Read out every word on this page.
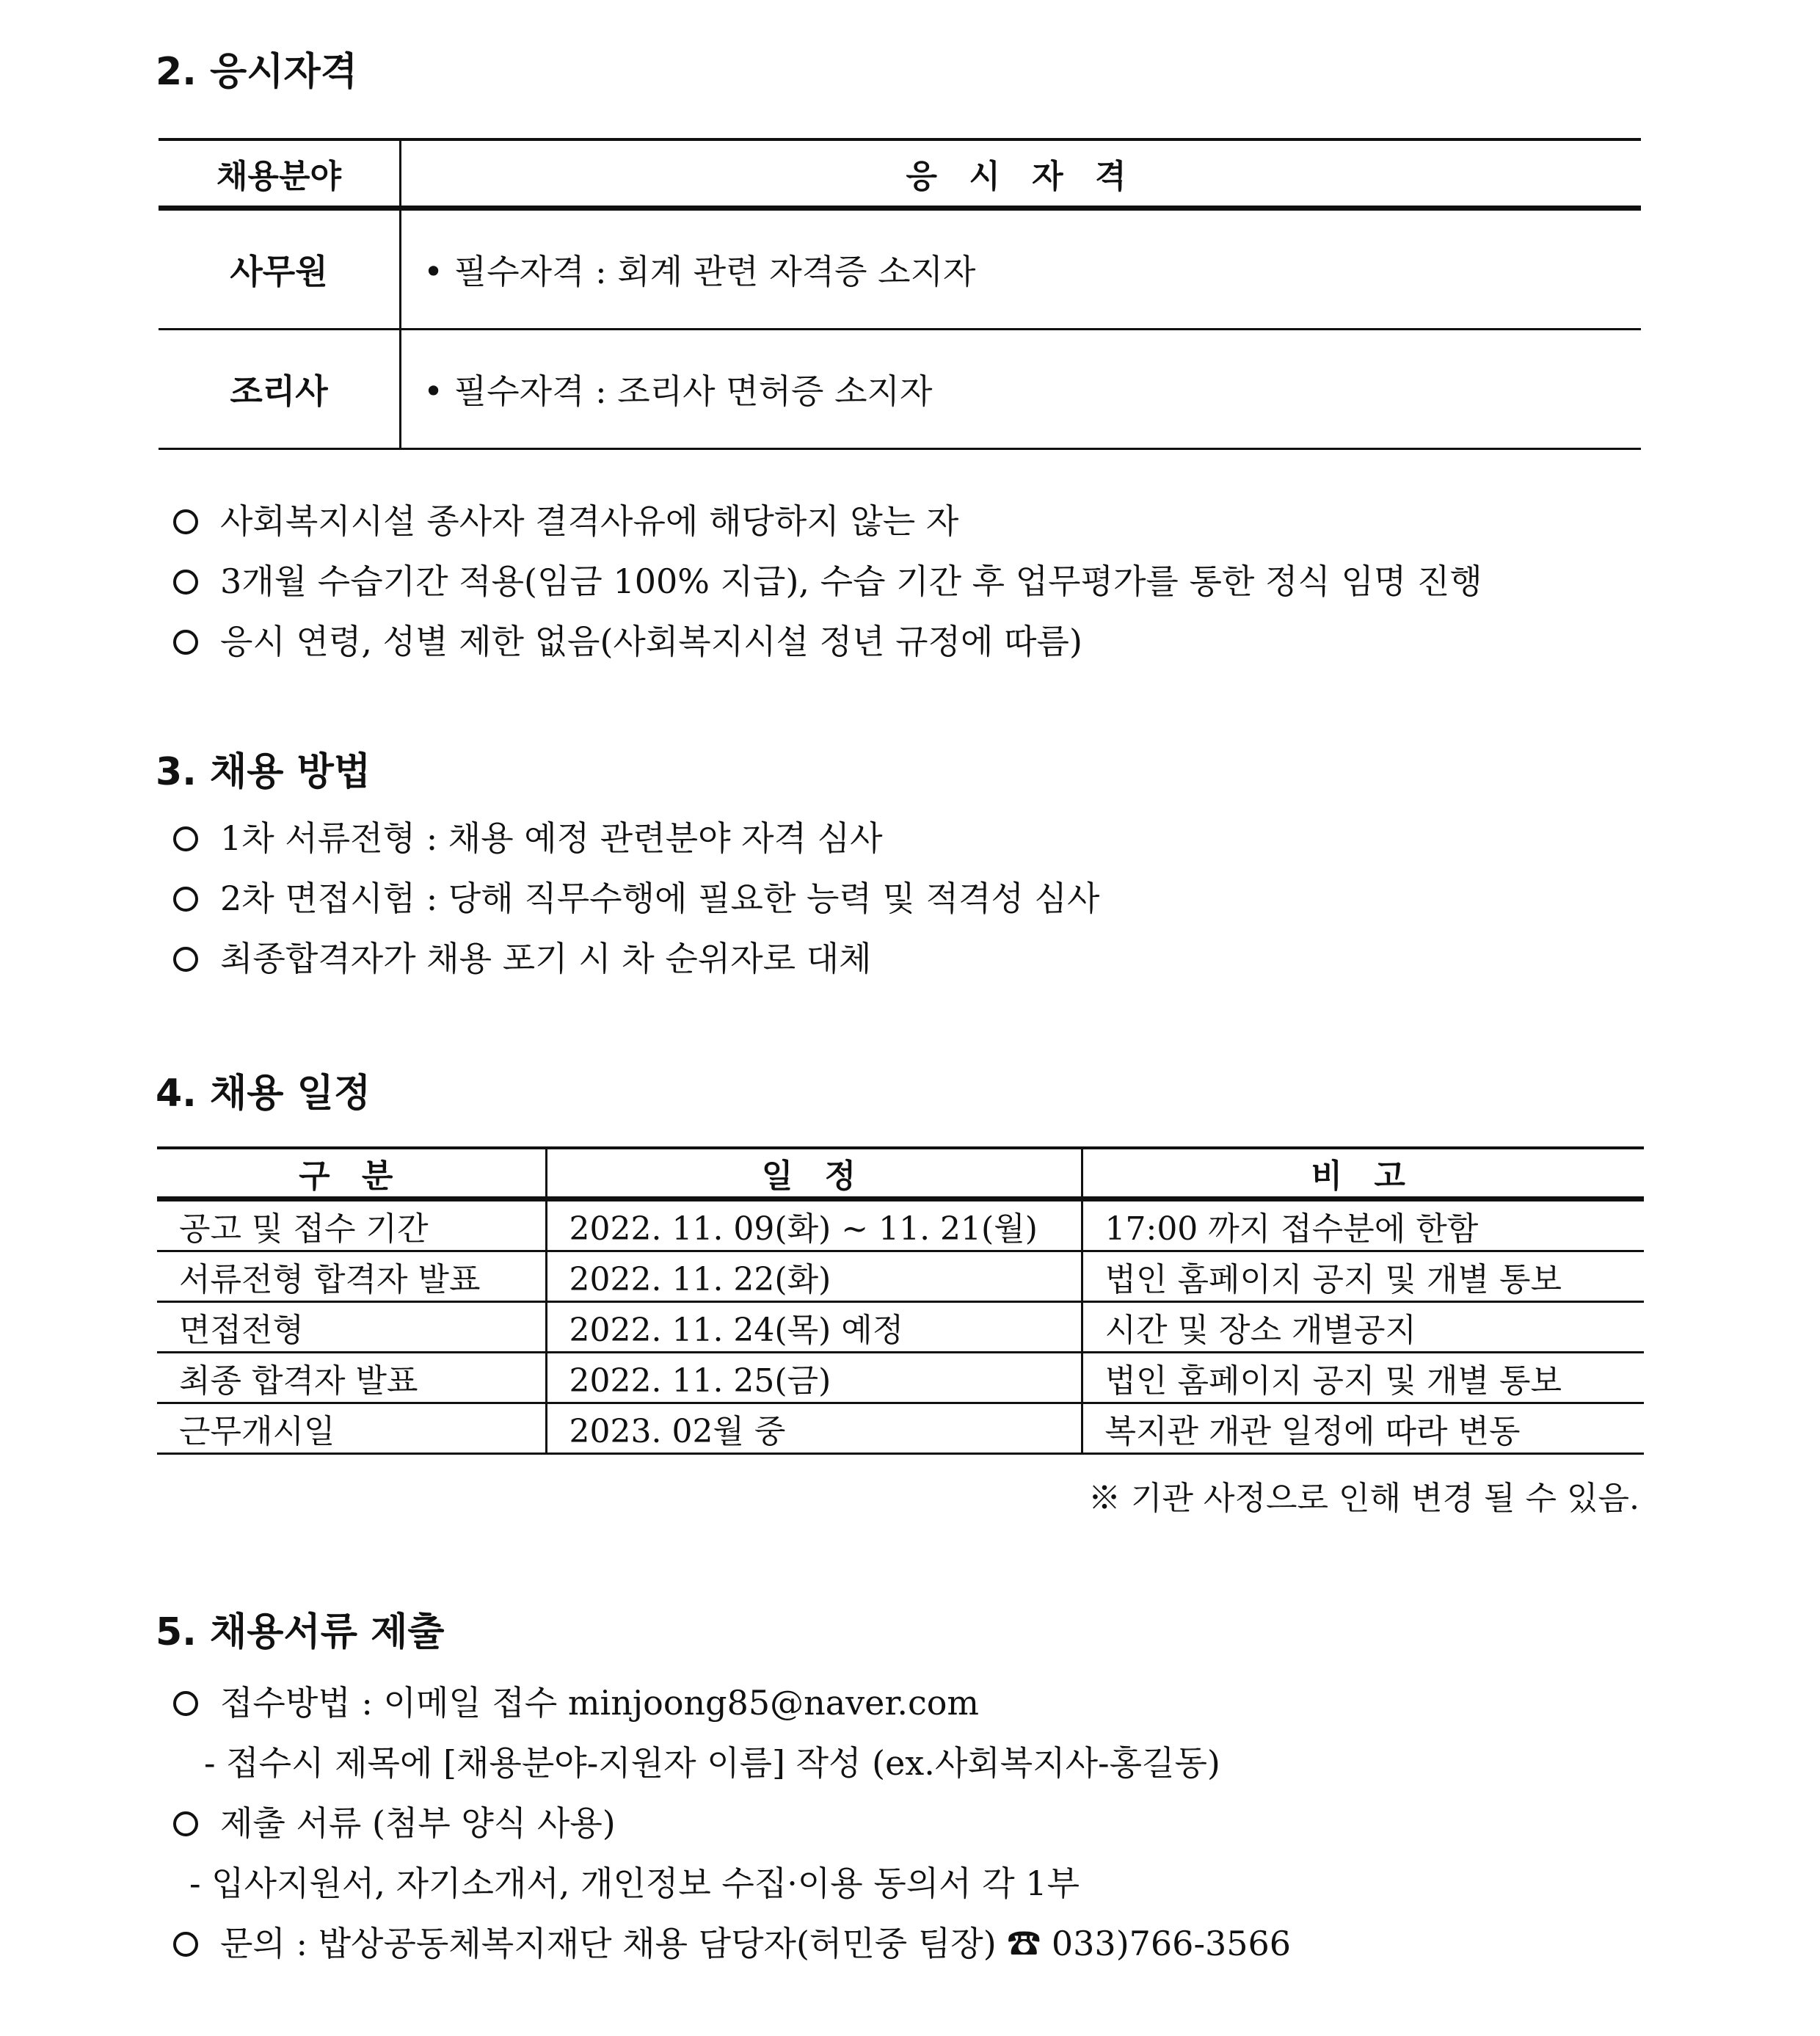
2. 응시자격
채용분야	응 시 자 격
사무원	• 필수자격 : 회계 관련 자격증 소지자
조리사	• 필수자격 : 조리사 면허증 소지자

사회복지시설 종사자 결격사유에 해당하지 않는 자

3개월 수습기간 적용(임금 100% 지급), 수습 기간 후 업무평가를 통한 정식 임명 진행

응시 연령, 성별 제한 없음(사회복지시설 정년 규정에 따름)

3. 채용 방법

1차 서류전형 : 채용 예정 관련분야 자격 심사

2차 면접시험 : 당해 직무수행에 필요한 능력 및 적격성 심사

최종합격자가 채용 포기 시 차 순위자로 대체

4. 채용 일정
구 분	일 정	비 고
공고 및 접수 기간	2022. 11. 09(화) ~ 11. 21(월)	17:00 까지 접수분에 한함
서류전형 합격자 발표	2022. 11. 22(화)	법인 홈페이지 공지 및 개별 통보
면접전형	2022. 11. 24(목) 예정	시간 및 장소 개별공지
최종 합격자 발표	2022. 11. 25(금)	법인 홈페이지 공지 및 개별 통보
근무개시일	2023. 02월 중	복지관 개관 일정에 따라 변동

※ 기관 사정으로 인해 변경 될 수 있음.

5. 채용서류 제출

접수방법 : 이메일 접수 minjoong85@naver.com

- 접수시 제목에 [채용분야-지원자 이름] 작성 (ex.사회복지사-홍길동)

제출 서류 (첨부 양식 사용)

- 입사지원서, 자기소개서, 개인정보 수집·이용 동의서 각 1부

문의 : 밥상공동체복지재단 채용 담당자(허민중 팀장) ☎ 033)766-3566
